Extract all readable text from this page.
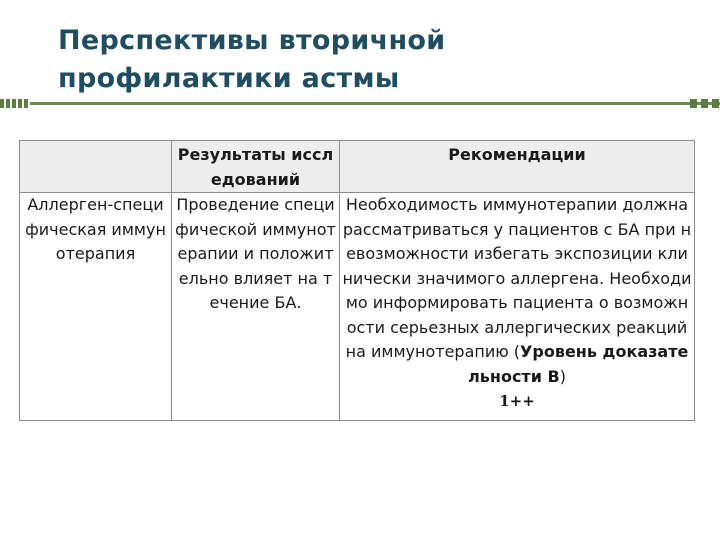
Перспективы вторичной
профилактики астмы
	Результаты исследований	Рекомендации
Аллерген-специфическая иммунотерапия	Проведение специфической иммунотерапии и положительно влияет на течение БА.	Необходимость иммунотерапии должна рассматриваться у пациентов с БА при невозможности избегать экспозиции клинически значимого аллергена. Необходимо информировать пациента о возможности серьезных аллергических реакций на иммунотерапию (Уровень доказательности В)
1++
